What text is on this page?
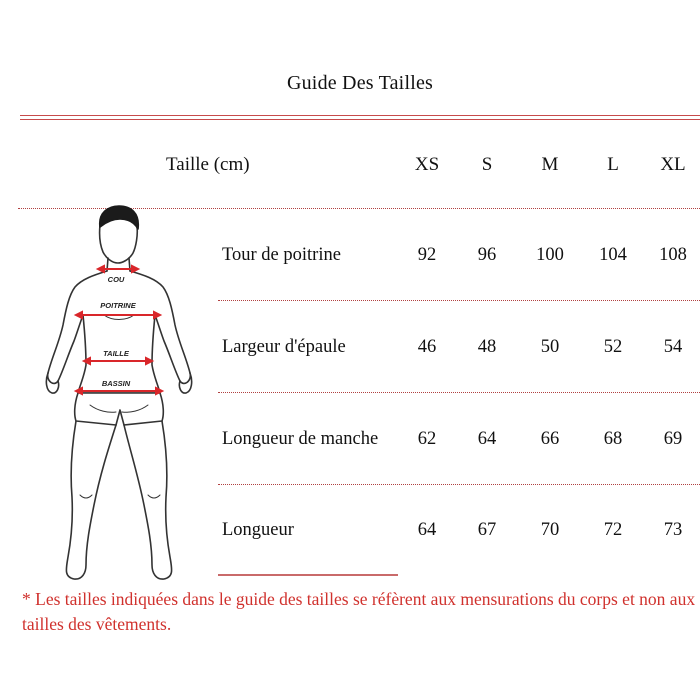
Guide Des Tailles
Taille (cm)	XS	S	M	L	XL
COU
POITRINE
TAILLE
BASSIN
Tour de poitrine	92	96	100	104	108
Largeur d'épaule	46	48	50	52	54
Longueur de manche	62	64	66	68	69
Longueur	64	67	70	72	73
* Les tailles indiquées dans le guide des tailles se réfèrent aux mensurations du corps et non aux tailles des vêtements.
